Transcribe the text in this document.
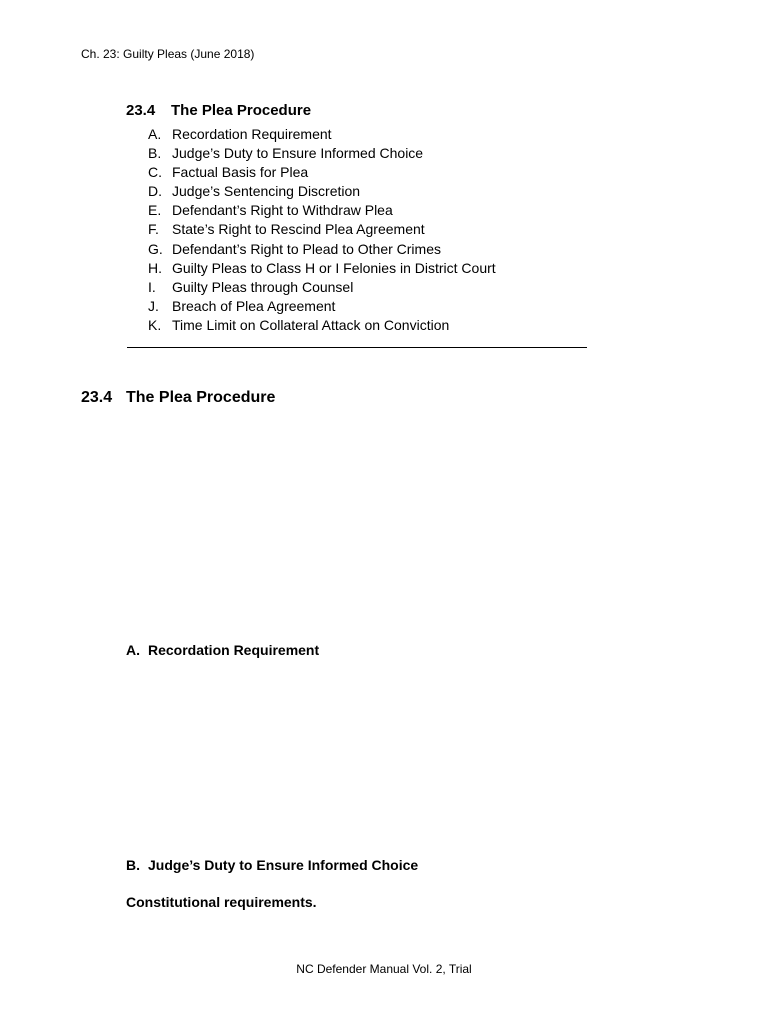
Ch. 23: Guilty Pleas (June 2018)
23.4 The Plea Procedure
A. Recordation Requirement
B. Judge’s Duty to Ensure Informed Choice
C. Factual Basis for Plea
D. Judge’s Sentencing Discretion
E. Defendant’s Right to Withdraw Plea
F. State’s Right to Rescind Plea Agreement
G. Defendant’s Right to Plead to Other Crimes
H. Guilty Pleas to Class H or I Felonies in District Court
I. Guilty Pleas through Counsel
J. Breach of Plea Agreement
K. Time Limit on Collateral Attack on Conviction
23.4 The Plea Procedure
A. Recordation Requirement
B. Judge’s Duty to Ensure Informed Choice
Constitutional requirements.
NC Defender Manual Vol. 2, Trial
